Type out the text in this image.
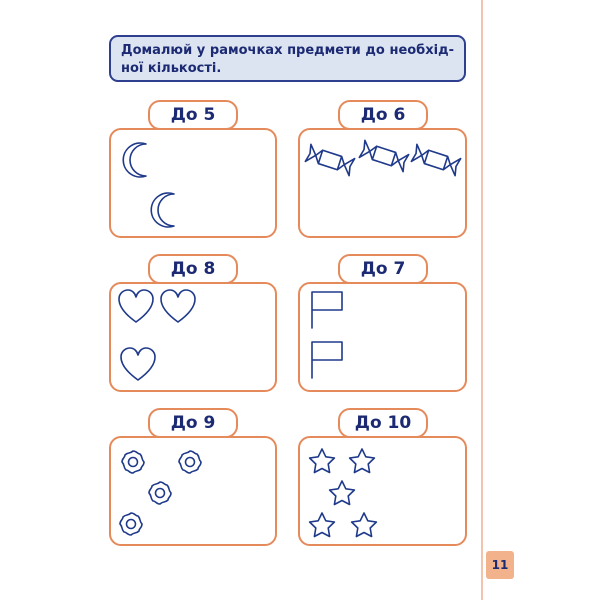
Домалюй у рамочках предмети до необхід- ної кількості.
До 5	До 6
До 8	До 7
До 9	До 10
11
